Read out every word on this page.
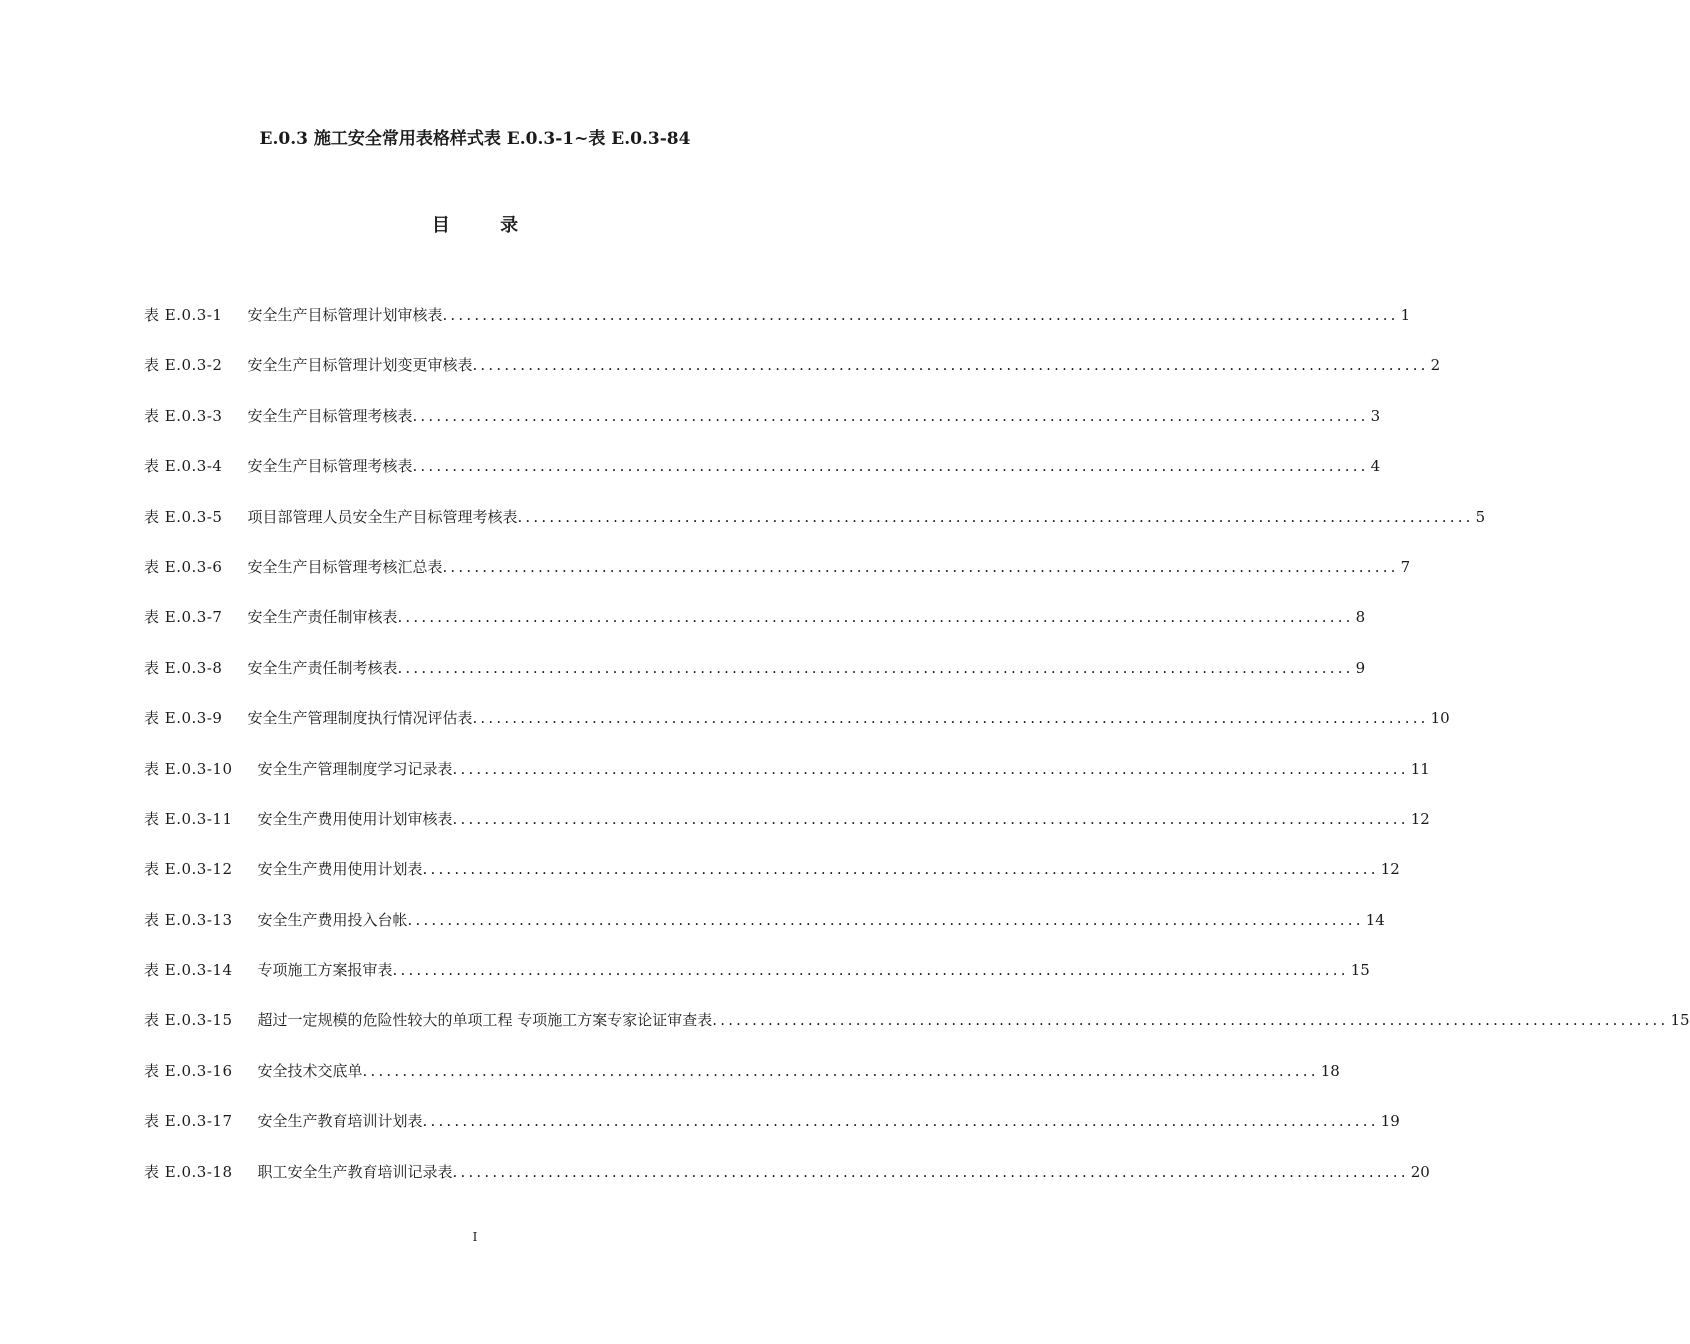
E.0.3 施工安全常用表格样式表 E.0.3-1~表 E.0.3-84
目 录
表 E.0.3-1 安全生产目标管理计划审核表 ........................................................................................................................ 1
表 E.0.3-2 安全生产目标管理计划变更审核表 ........................................................................................................................ 2
表 E.0.3-3 安全生产目标管理考核表 ........................................................................................................................ 3
表 E.0.3-4 安全生产目标管理考核表 ........................................................................................................................ 4
表 E.0.3-5 项目部管理人员安全生产目标管理考核表 ........................................................................................................................ 5
表 E.0.3-6 安全生产目标管理考核汇总表 ........................................................................................................................ 7
表 E.0.3-7 安全生产责任制审核表 ........................................................................................................................ 8
表 E.0.3-8 安全生产责任制考核表 ........................................................................................................................ 9
表 E.0.3-9 安全生产管理制度执行情况评估表 ........................................................................................................................ 10
表 E.0.3-10 安全生产管理制度学习记录表 ........................................................................................................................ 11
表 E.0.3-11 安全生产费用使用计划审核表 ........................................................................................................................ 12
表 E.0.3-12 安全生产费用使用计划表 ........................................................................................................................ 12
表 E.0.3-13 安全生产费用投入台帐 ........................................................................................................................ 14
表 E.0.3-14 专项施工方案报审表 ........................................................................................................................ 15
表 E.0.3-15 超过一定规模的危险性较大的单项工程 专项施工方案专家论证审查表 ........................................................................................................................ 15
表 E.0.3-16 安全技术交底单 ........................................................................................................................ 18
表 E.0.3-17 安全生产教育培训计划表 ........................................................................................................................ 19
表 E.0.3-18 职工安全生产教育培训记录表 ........................................................................................................................ 20
I
